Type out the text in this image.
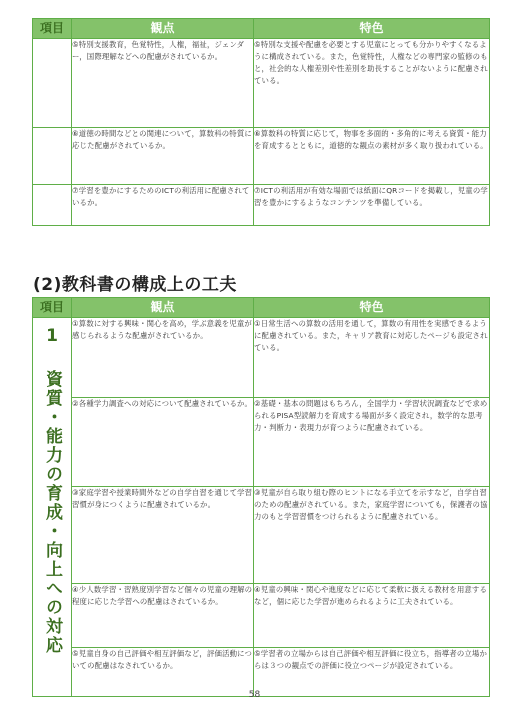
項目	観点	特色
	⑤特別支援教育，色覚特性，人権，福祉，ジェンダー，国際理解などへの配慮がされているか。	⑤特別な支援や配慮を必要とする児童にとっても分かりやすくなるように構成されている。また，色覚特性，人権などの専門家の監修のもと，社会的な人権差別や性差別を助長することがないように配慮されている。
	⑥道徳の時間などとの関連について，算数科の特質に応じた配慮がされているか。	⑥算数科の特質に応じて，物事を多面的・多角的に考える資質・能力を育成するとともに，道徳的な観点の素材が多く取り扱われている。
	⑦学習を豊かにするためのICTの利活用に配慮されているか。	⑦ICTの利活用が有効な場面では紙面にQRコードを掲載し，児童の学習を豊かにするようなコンテンツを準備している。
(2)教科書の構成上の工夫
項目	観点	特色

1 資質・能力の育成・向上への対応	①算数に対する興味・関心を高め，学ぶ意義を児童が感じられるような配慮がされているか。	①日常生活への算数の活用を通して，算数の有用性を実感できるように配慮されている。また，キャリア教育に対応したページも設定されている。
	②各種学力調査への対応について配慮されているか。	②基礎・基本の問題はもちろん，全国学力・学習状況調査などで求められるPISA型読解力を育成する場面が多く設定され，数学的な思考力・判断力・表現力が育つように配慮されている。
	③家庭学習や授業時間外などの自学自習を通じて学習習慣が身につくように配慮されているか。	③児童が自ら取り組む際のヒントになる手立てを示すなど，自学自習のための配慮がされている。また，家庭学習についても，保護者の協力のもと学習習慣をつけられるように配慮されている。
	④少人数学習・習熟度別学習など個々の児童の理解の程度に応じた学習への配慮はされているか。	④児童の興味・関心や進度などに応じて柔軟に扱える教材を用意するなど，個に応じた学習が進められるように工夫されている。
	⑤児童自身の自己評価や相互評価など，評価活動についての配慮はなされているか。	⑤学習者の立場からは自己評価や相互評価に役立ち，指導者の立場からは３つの観点での評価に役立つページが設定されている。
58
